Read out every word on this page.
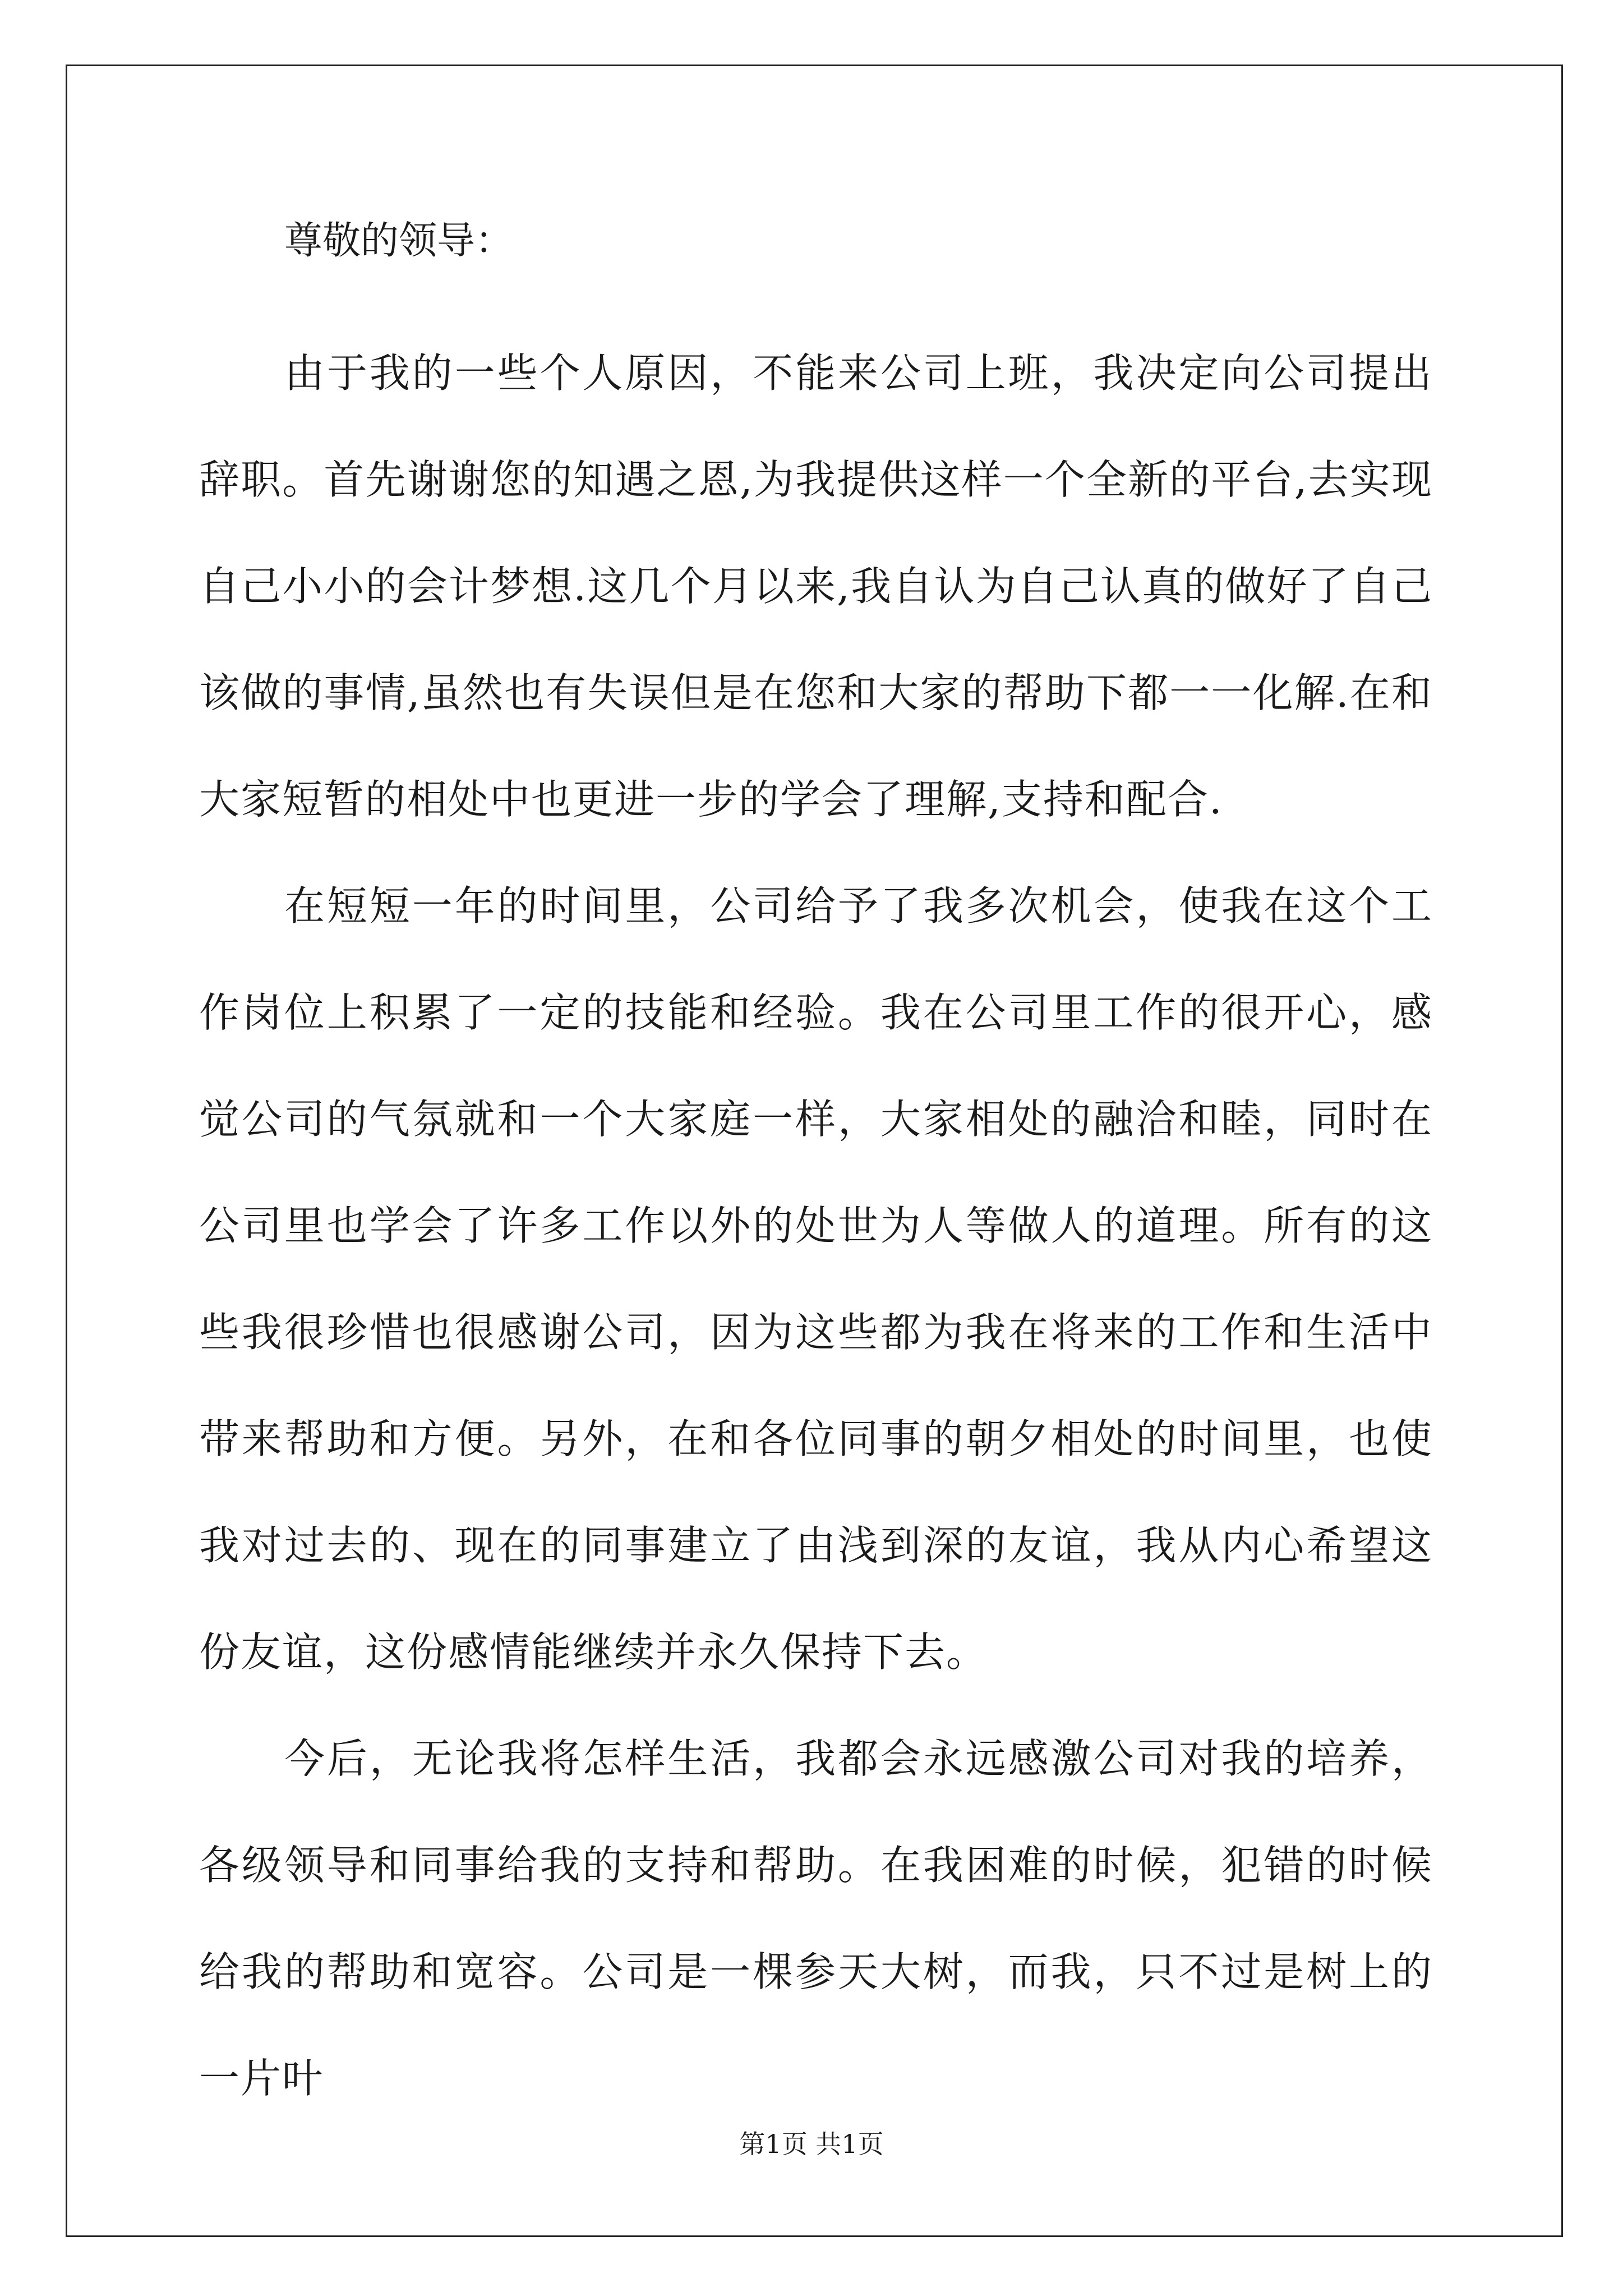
尊敬的领导：

由于我的一些个人原因，不能来公司上班，我决定向公司提出辞职。首先谢谢您的知遇之恩,为我提供这样一个全新的平台,去实现自己小小的会计梦想.这几个月以来,我自认为自己认真的做好了自己该做的事情,虽然也有失误但是在您和大家的帮助下都一一化解.在和大家短暂的相处中也更进一步的学会了理解,支持和配合.

在短短一年的时间里，公司给予了我多次机会，使我在这个工作岗位上积累了一定的技能和经验。我在公司里工作的很开心，感觉公司的气氛就和一个大家庭一样，大家相处的融洽和睦，同时在公司里也学会了许多工作以外的处世为人等做人的道理。所有的这些我很珍惜也很感谢公司，因为这些都为我在将来的工作和生活中带来帮助和方便。另外，在和各位同事的朝夕相处的时间里，也使我对过去的、现在的同事建立了由浅到深的友谊，我从内心希望这份友谊，这份感情能继续并永久保持下去。

今后，无论我将怎样生活，我都会永远感激公司对我的培养，各级领导和同事给我的支持和帮助。在我困难的时候，犯错的时候给我的帮助和宽容。公司是一棵参天大树，而我，只不过是树上的一片叶

第1页 共1页
